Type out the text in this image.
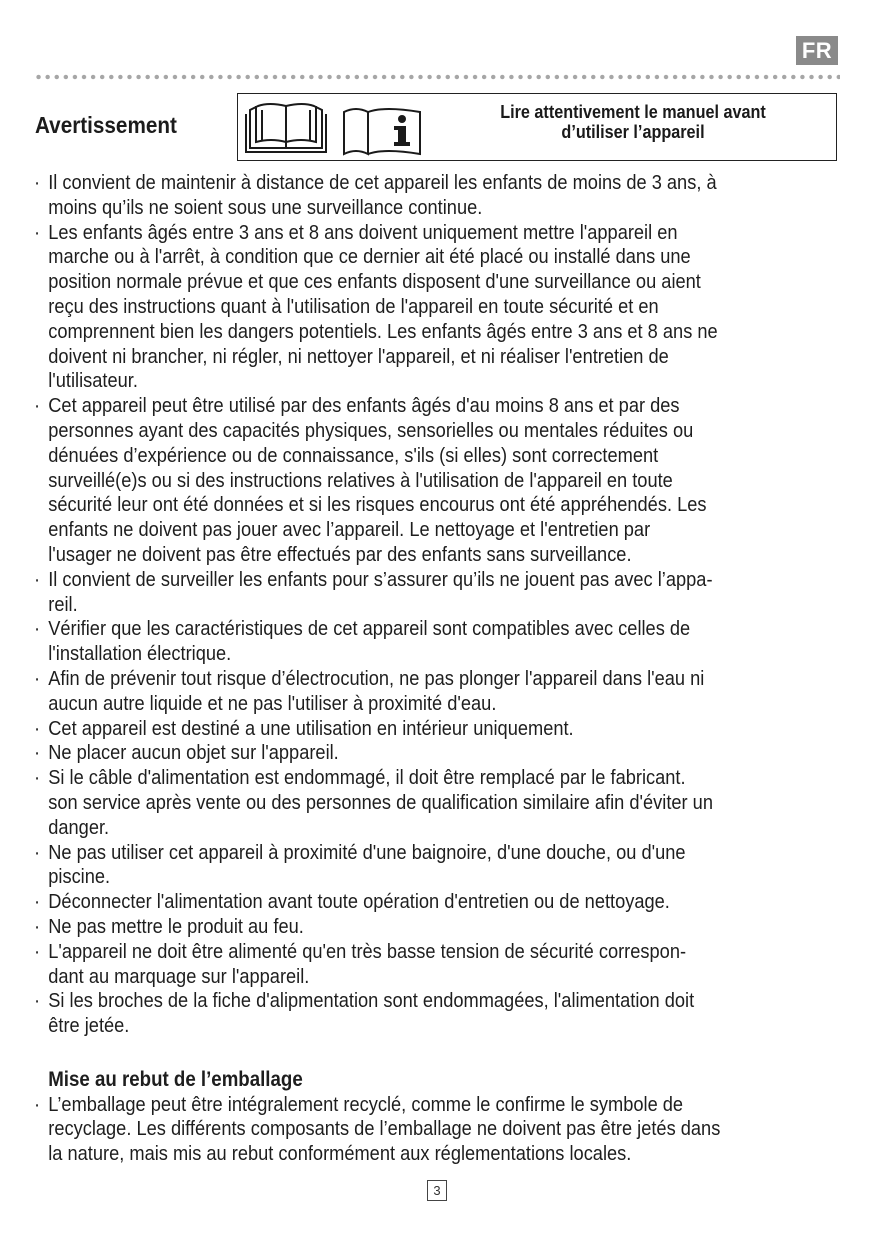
FR
Avertissement	Lire attentivement le manuel avant
d’utiliser l’appareil
· Il convient de maintenir à distance de cet appareil les enfants de moins de 3 ans, à
moins qu’ils ne soient sous une surveillance continue.
· Les enfants âgés entre 3 ans et 8 ans doivent uniquement mettre l'appareil en
marche ou à l'arrêt, à condition que ce dernier ait été placé ou installé dans une
position normale prévue et que ces enfants disposent d'une surveillance ou aient
reçu des instructions quant à l'utilisation de l'appareil en toute sécurité et en
comprennent bien les dangers potentiels. Les enfants âgés entre 3 ans et 8 ans ne
doivent ni brancher, ni régler, ni nettoyer l'appareil, et ni réaliser l'entretien de
l'utilisateur.
· Cet appareil peut être utilisé par des enfants âgés d'au moins 8 ans et par des
personnes ayant des capacités physiques, sensorielles ou mentales réduites ou
dénuées d’expérience ou de connaissance, s'ils (si elles) sont correctement
surveillé(e)s ou si des instructions relatives à l'utilisation de l'appareil en toute
sécurité leur ont été données et si les risques encourus ont été appréhendés. Les
enfants ne doivent pas jouer avec l’appareil. Le nettoyage et l'entretien par
l'usager ne doivent pas être effectués par des enfants sans surveillance.
· Il convient de surveiller les enfants pour s’assurer qu’ils ne jouent pas avec l’appa-
reil.
· Vérifier que les caractéristiques de cet appareil sont compatibles avec celles de
l'installation électrique.
· Afin de prévenir tout risque d’électrocution, ne pas plonger l'appareil dans l'eau ni
aucun autre liquide et ne pas l'utiliser à proximité d'eau.
· Cet appareil est destiné a une utilisation en intérieur uniquement.
· Ne placer aucun objet sur l'appareil.
· Si le câble d'alimentation est endommagé, il doit être remplacé par le fabricant.
son service après vente ou des personnes de qualification similaire afin d'éviter un
danger.
· Ne pas utiliser cet appareil à proximité d'une baignoire, d'une douche, ou d'une
piscine.
· Déconnecter l'alimentation avant toute opération d'entretien ou de nettoyage.
· Ne pas mettre le produit au feu.
· L'appareil ne doit être alimenté qu'en très basse tension de sécurité correspon-
dant au marquage sur l'appareil.
· Si les broches de la fiche d'alipmentation sont endommagées, l'alimentation doit
être jetée.
Mise au rebut de l’emballage
· L’emballage peut être intégralement recyclé, comme le confirme le symbole de
recyclage. Les différents composants de l’emballage ne doivent pas être jetés dans
la nature, mais mis au rebut conformément aux réglementations locales.
3
